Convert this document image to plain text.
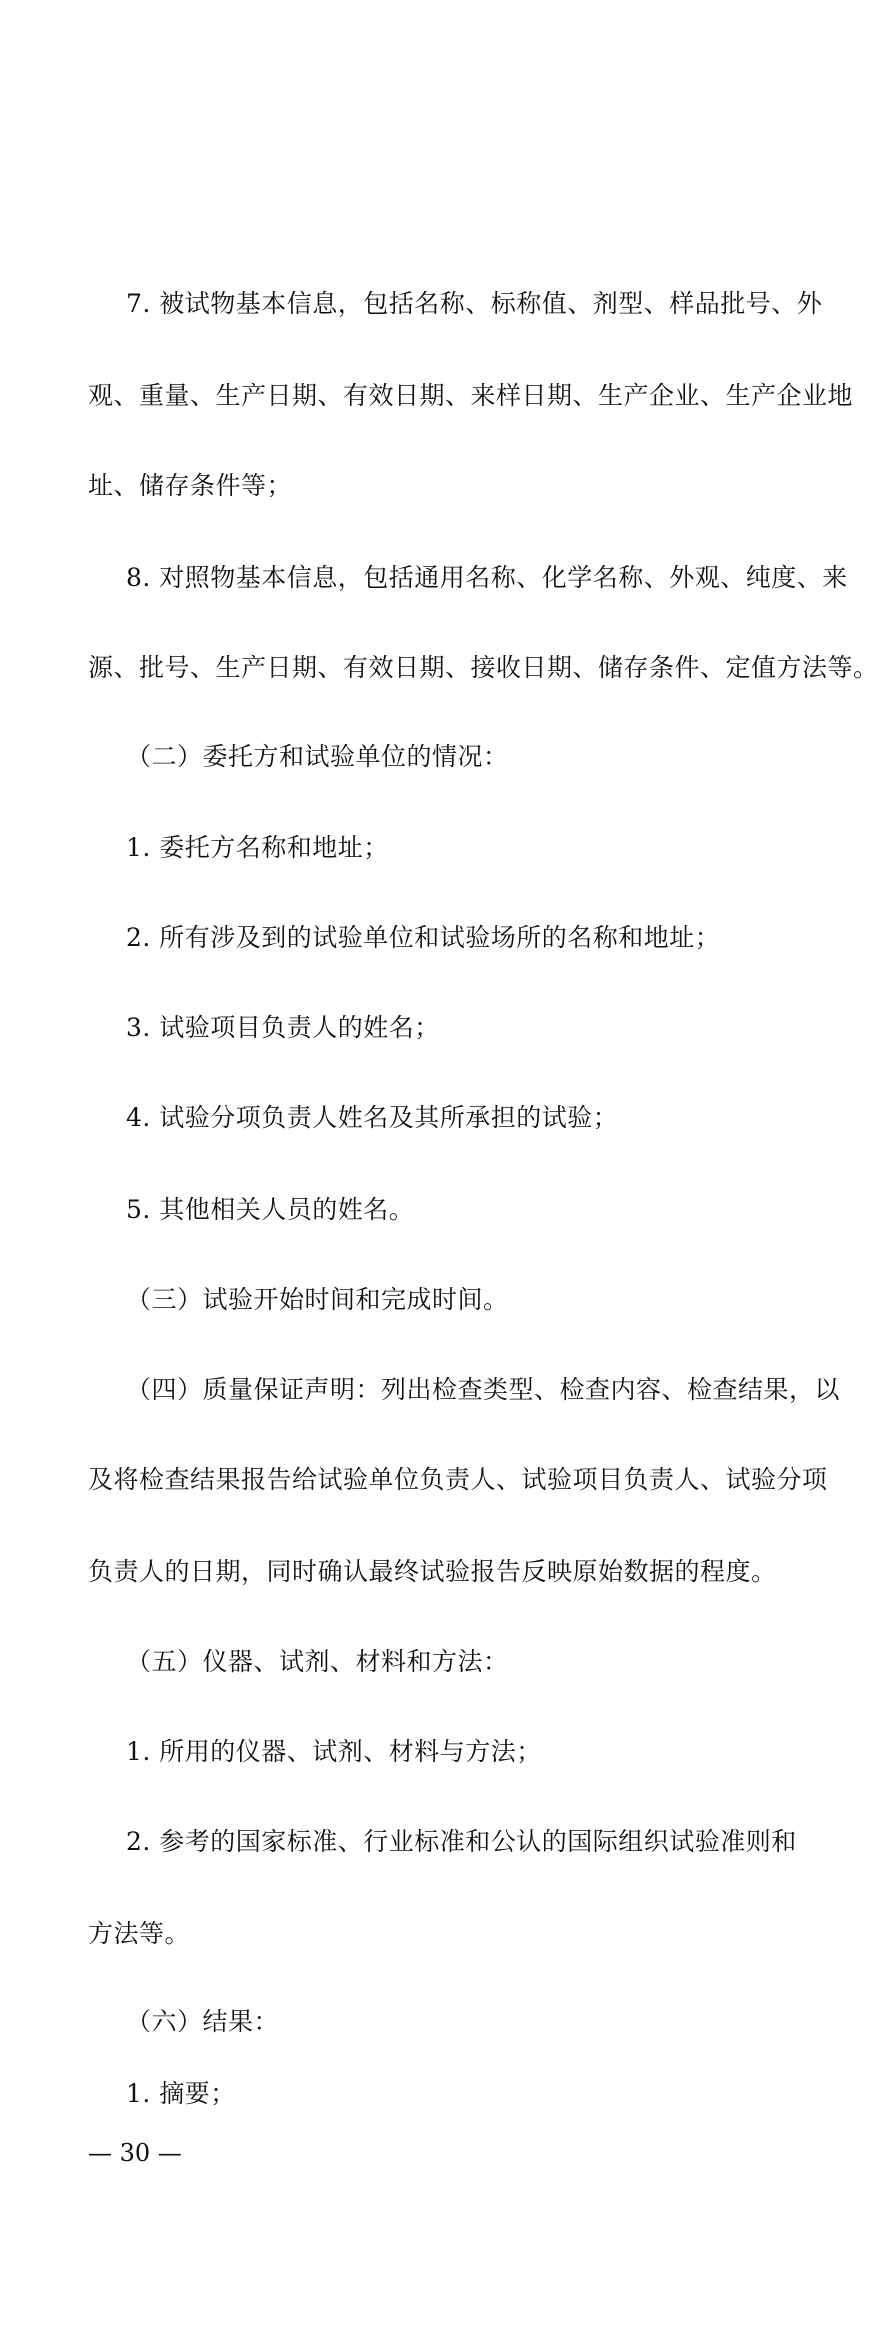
7. 被试物基本信息，包括名称、标称值、剂型、样品批号、外
观、重量、生产日期、有效日期、来样日期、生产企业、生产企业地
址、储存条件等；
8. 对照物基本信息，包括通用名称、化学名称、外观、纯度、来
源、批号、生产日期、有效日期、接收日期、储存条件、定值方法等。
（二）委托方和试验单位的情况：
1. 委托方名称和地址；
2. 所有涉及到的试验单位和试验场所的名称和地址；
3. 试验项目负责人的姓名；
4. 试验分项负责人姓名及其所承担的试验；
5. 其他相关人员的姓名。
（三）试验开始时间和完成时间。
（四）质量保证声明：列出检查类型、检查内容、检查结果，以
及将检查结果报告给试验单位负责人、试验项目负责人、试验分项
负责人的日期，同时确认最终试验报告反映原始数据的程度。
（五）仪器、试剂、材料和方法：
1. 所用的仪器、试剂、材料与方法；
2. 参考的国家标准、行业标准和公认的国际组织试验准则和
方法等。
（六）结果：
1. 摘要；
— 30 —
